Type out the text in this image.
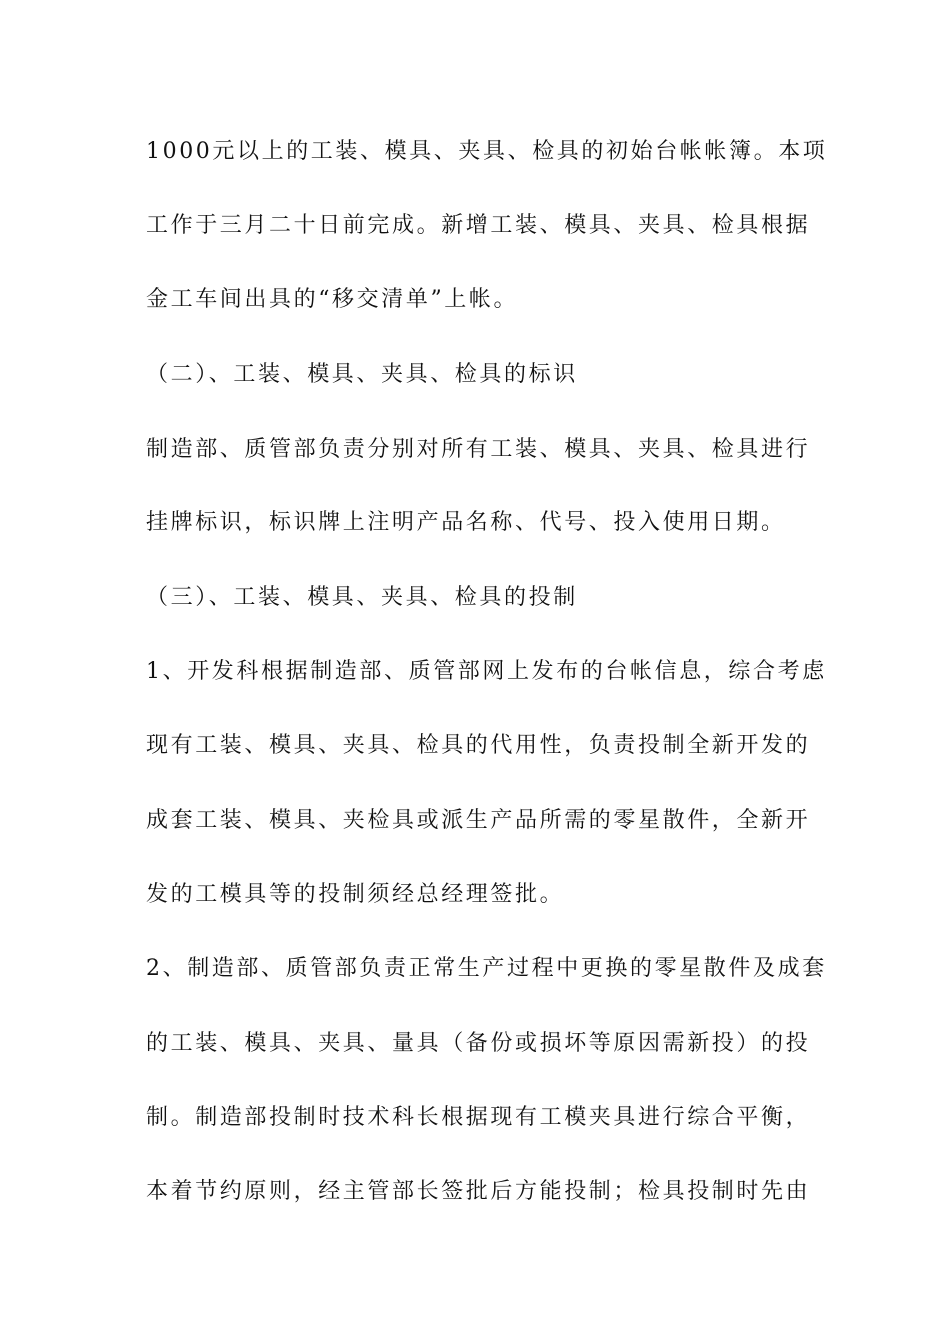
1000元以上的工装、模具、夹具、检具的初始台帐帐簿。本项
工作于三月二十日前完成。新增工装、模具、夹具、检具根据
金工车间出具的“移交清单”上帐。
（二）、工装、模具、夹具、检具的标识
制造部、质管部负责分别对所有工装、模具、夹具、检具进行
挂牌标识，标识牌上注明产品名称、代号、投入使用日期。
（三）、工装、模具、夹具、检具的投制
1、开发科根据制造部、质管部网上发布的台帐信息，综合考虑
现有工装、模具、夹具、检具的代用性，负责投制全新开发的
成套工装、模具、夹检具或派生产品所需的零星散件，全新开
发的工模具等的投制须经总经理签批。
2、制造部、质管部负责正常生产过程中更换的零星散件及成套
的工装、模具、夹具、量具（备份或损坏等原因需新投）的投
制。制造部投制时技术科长根据现有工模夹具进行综合平衡，
本着节约原则，经主管部长签批后方能投制；检具投制时先由
